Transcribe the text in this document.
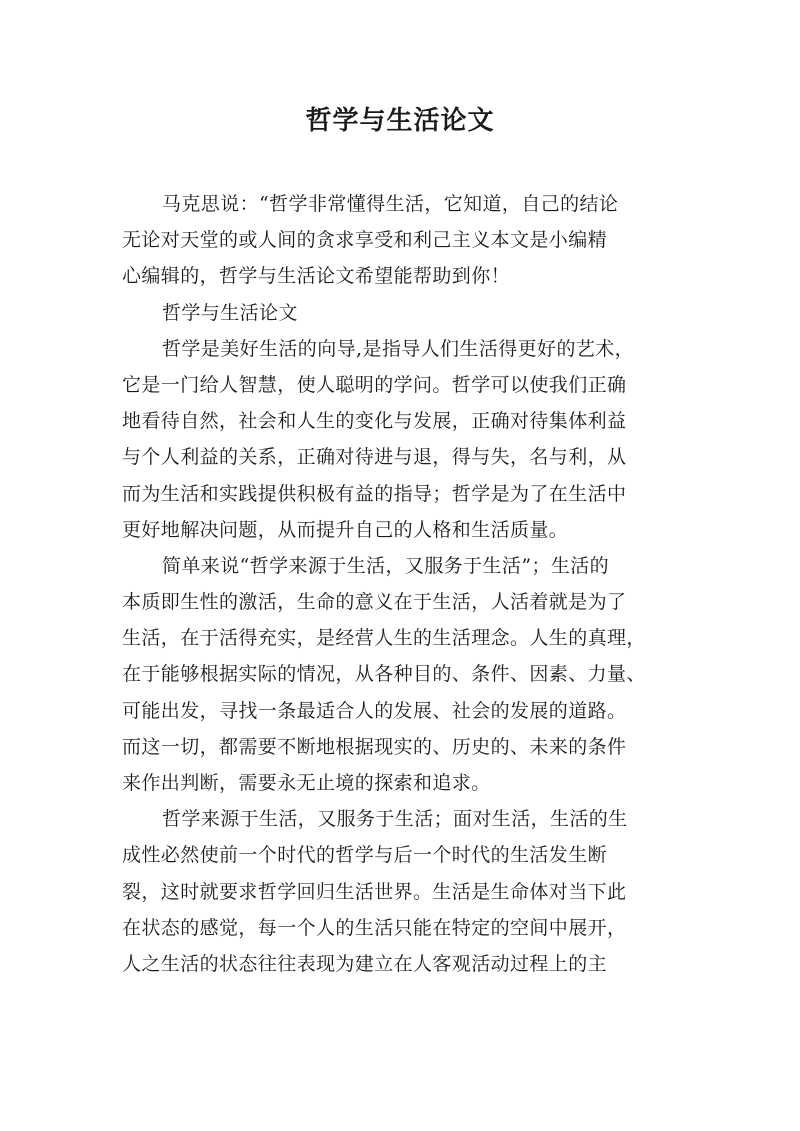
哲学与生活论文
马克思说：“哲学非常懂得生活，它知道，自己的结论
无论对天堂的或人间的贪求享受和利己主义本文是小编精
心编辑的，哲学与生活论文希望能帮助到你！
哲学与生活论文
哲学是美好生活的向导,是指导人们生活得更好的艺术，
它是一门给人智慧，使人聪明的学问。哲学可以使我们正确
地看待自然，社会和人生的变化与发展，正确对待集体利益
与个人利益的关系，正确对待进与退，得与失，名与利，从
而为生活和实践提供积极有益的指导；哲学是为了在生活中
更好地解决问题，从而提升自己的人格和生活质量。
简单来说“哲学来源于生活，又服务于生活”；生活的
本质即生性的激活，生命的意义在于生活，人活着就是为了
生活，在于活得充实，是经营人生的生活理念。人生的真理，
在于能够根据实际的情况，从各种目的、条件、因素、力量、
可能出发，寻找一条最适合人的发展、社会的发展的道路。
而这一切，都需要不断地根据现实的、历史的、未来的条件
来作出判断，需要永无止境的探索和追求。
哲学来源于生活，又服务于生活；面对生活，生活的生
成性必然使前一个时代的哲学与后一个时代的生活发生断
裂，这时就要求哲学回归生活世界。生活是生命体对当下此
在状态的感觉，每一个人的生活只能在特定的空间中展开，
人之生活的状态往往表现为建立在人客观活动过程上的主
